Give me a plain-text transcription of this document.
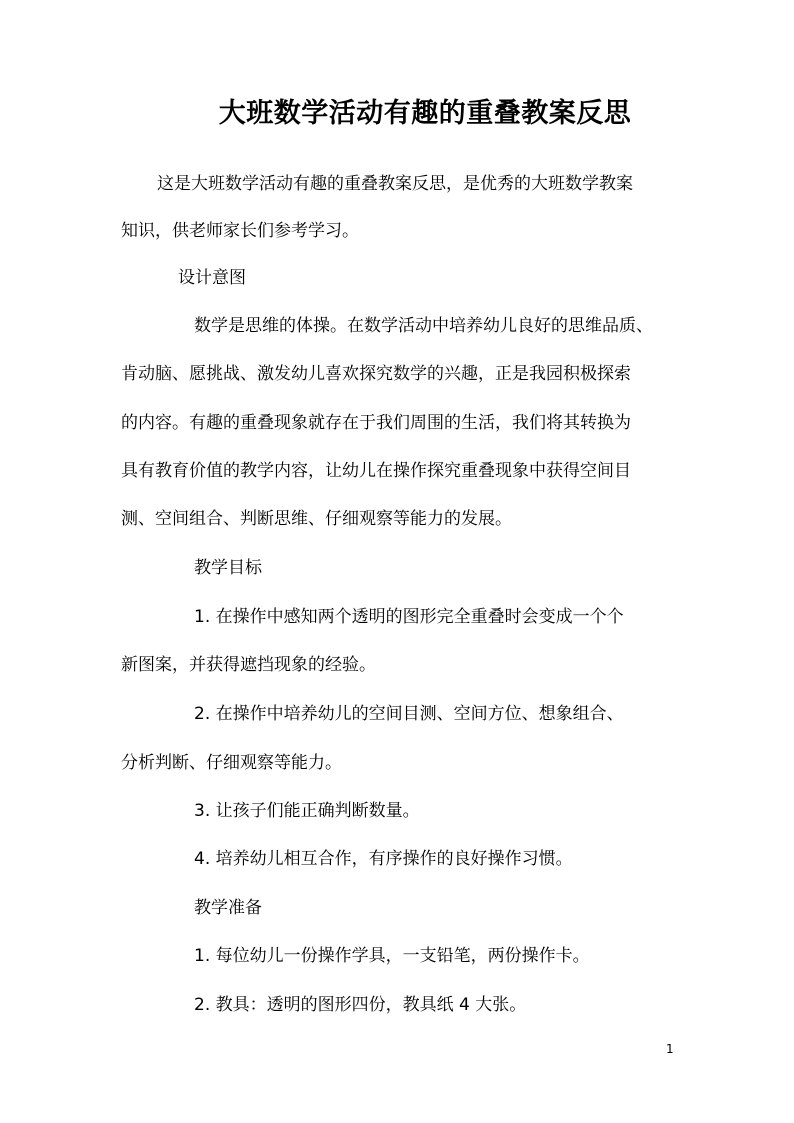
大班数学活动有趣的重叠教案反思
这是大班数学活动有趣的重叠教案反思，是优秀的大班数学教案
知识，供老师家长们参考学习。
设计意图
数学是思维的体操。在数学活动中培养幼儿良好的思维品质、
肯动脑、愿挑战、激发幼儿喜欢探究数学的兴趣，正是我园积极探索
的内容。有趣的重叠现象就存在于我们周围的生活，我们将其转换为
具有教育价值的教学内容，让幼儿在操作探究重叠现象中获得空间目
测、空间组合、判断思维、仔细观察等能力的发展。
教学目标
1. 在操作中感知两个透明的图形完全重叠时会变成一个个
新图案，并获得遮挡现象的经验。
2. 在操作中培养幼儿的空间目测、空间方位、想象组合、
分析判断、仔细观察等能力。
3. 让孩子们能正确判断数量。
4. 培养幼儿相互合作，有序操作的良好操作习惯。
教学准备
1. 每位幼儿一份操作学具，一支铅笔，两份操作卡。
2. 教具：透明的图形四份，教具纸 4 大张。
1
